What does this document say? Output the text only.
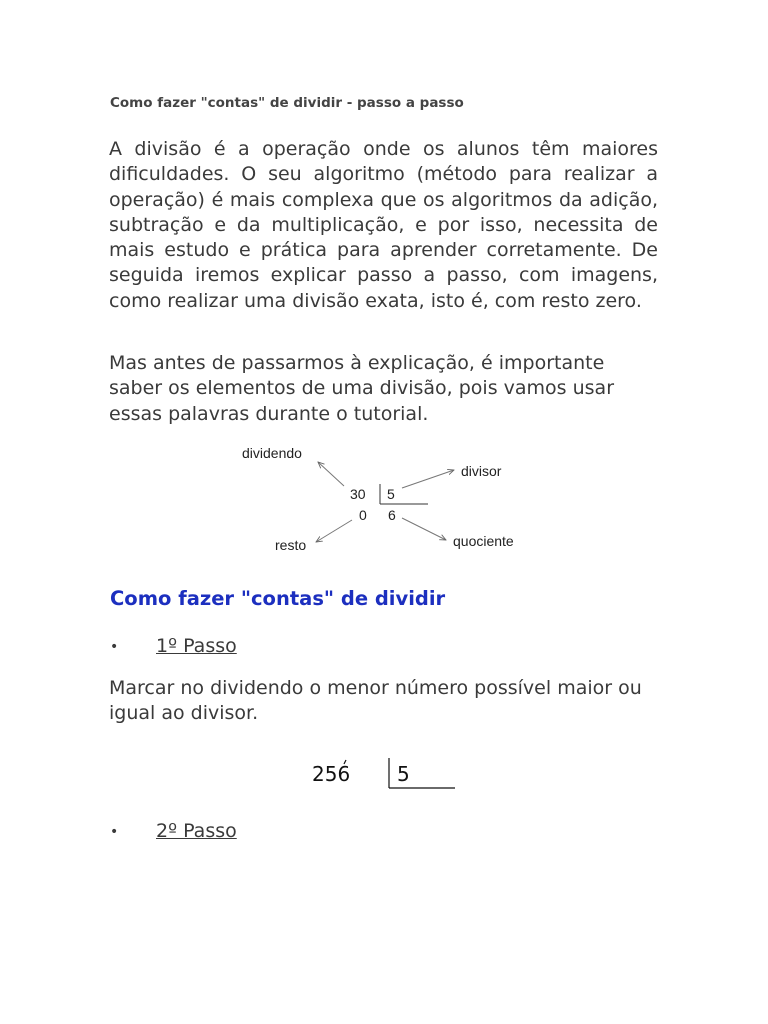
Como fazer "contas" de dividir - passo a passo

A divisão é a operação onde os alunos têm maiores dificuldades. O seu algoritmo (método para realizar a operação) é mais complexa que os algoritmos da adição, subtração e da multiplicação, e por isso, necessita de mais estudo e prática para aprender corretamente. De seguida iremos explicar passo a passo, com imagens, como realizar uma divisão exata, isto é, com resto zero.

Mas antes de passarmos à explicação, é importante saber os elementos de uma divisão, pois vamos usar essas palavras durante o tutorial.

dividendo
divisor
resto	quociente
30 5
0 6
Como fazer "contas" de dividir
• 1º Passo

Marcar no dividendo o menor número possível maior ou igual ao divisor.

256 5
• 2º Passo
